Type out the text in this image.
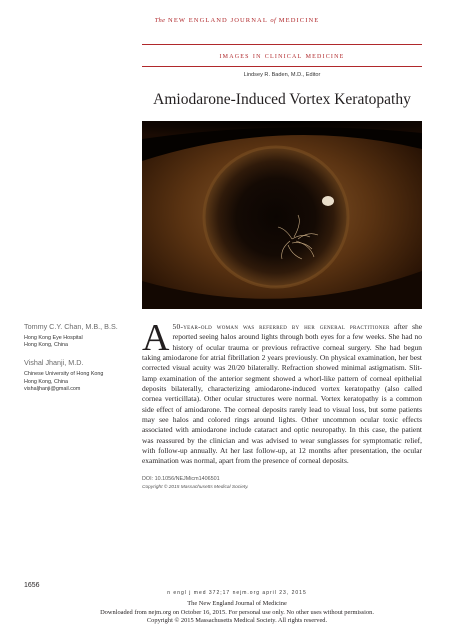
The NEW ENGLAND JOURNAL of MEDICINE
images in clinical medicine
Lindsey R. Baden, M.D., Editor
Amiodarone-Induced Vortex Keratopathy
Tommy C.Y. Chan, M.B., B.S.
Hong Kong Eye Hospital
Hong Kong, China
Vishal Jhanji, M.D.
Chinese University of Hong Kong
Hong Kong, China
vishaljhanji@gmail.com
A 50-year-old woman was referred by her general practitioner after she reported seeing halos around lights through both eyes for a few weeks. She had no history of ocular trauma or previous refractive corneal surgery. She had begun taking amiodarone for atrial fibrillation 2 years previously. On physical examination, her best corrected visual acuity was 20/20 bilaterally. Refraction showed minimal astigmatism. Slit-lamp examination of the anterior segment showed a whorl-like pattern of corneal epithelial deposits bilaterally, characterizing amiodarone-induced vortex keratopathy (also called cornea verticillata). Other ocular structures were normal. Vortex keratopathy is a common side effect of amiodarone. The corneal deposits rarely lead to visual loss, but some patients may see halos and colored rings around lights. Other uncommon ocular toxic effects associated with amiodarone include cataract and optic neuropathy. In this case, the patient was reassured by the clinician and was advised to wear sunglasses for symptomatic relief, with follow-up annually. At her last follow-up, at 12 months after presentation, the ocular examination was normal, apart from the presence of corneal deposits.
DOI: 10.1056/NEJMicm1406501
Copyright © 2015 Massachusetts Medical Society.
1656
n engl j med 372;17 nejm.org april 23, 2015
The New England Journal of Medicine
Downloaded from nejm.org on October 16, 2015. For personal use only. No other uses without permission.
Copyright © 2015 Massachusetts Medical Society. All rights reserved.
